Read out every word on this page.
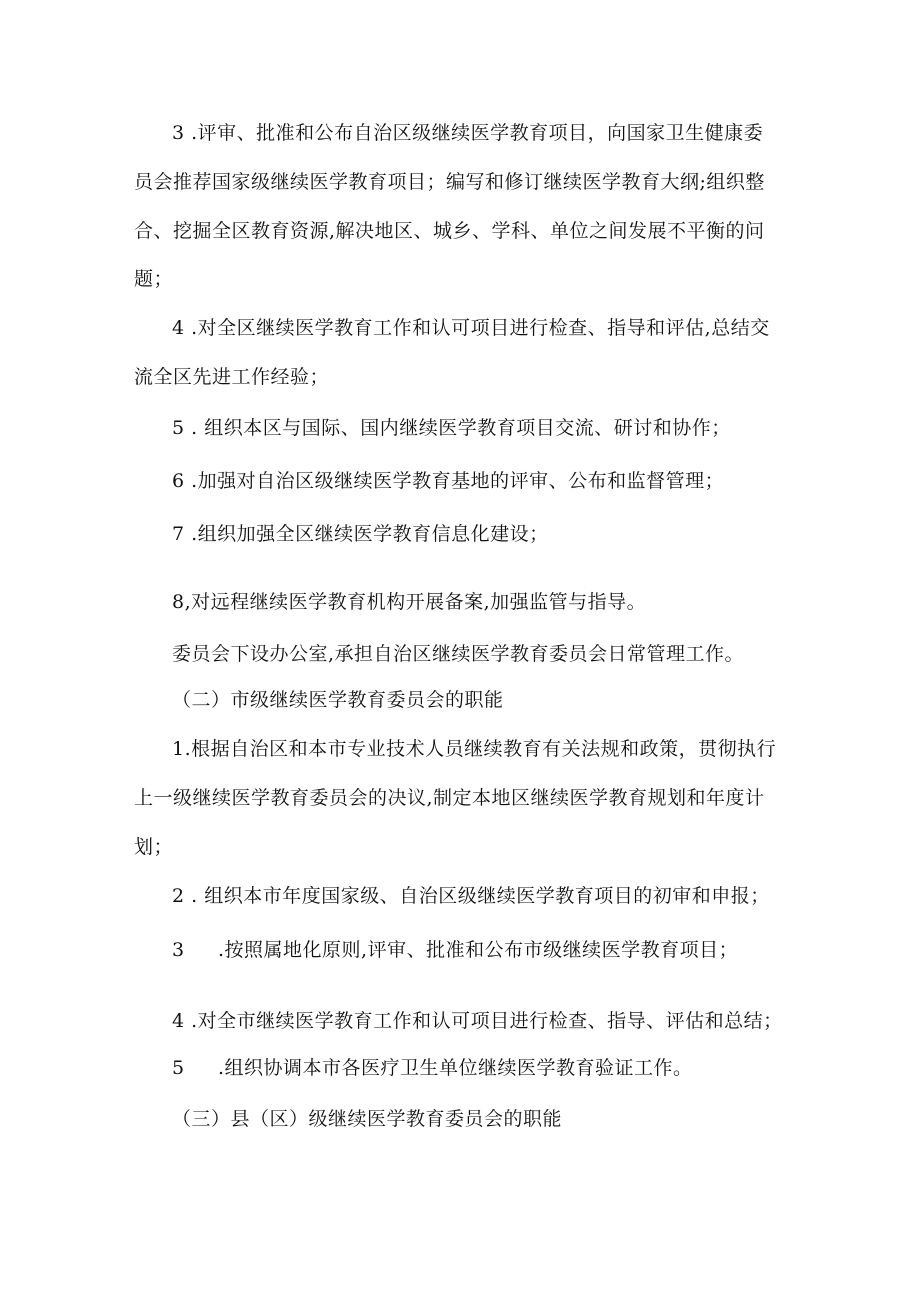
3 .评审、批准和公布自治区级继续医学教育项目，向国家卫生健康委
员会推荐国家级继续医学教育项目；编写和修订继续医学教育大纲;组织整
合、挖掘全区教育资源,解决地区、城乡、学科、单位之间发展不平衡的问
题；
4 .对全区继续医学教育工作和认可项目进行检查、指导和评估,总结交
流全区先进工作经验；
5 . 组织本区与国际、国内继续医学教育项目交流、研讨和协作；
6 .加强对自治区级继续医学教育基地的评审、公布和监督管理；
7 .组织加强全区继续医学教育信息化建设；
8,对远程继续医学教育机构开展备案,加强监管与指导。
委员会下设办公室,承担自治区继续医学教育委员会日常管理工作。
（二）市级继续医学教育委员会的职能
1.根据自治区和本市专业技术人员继续教育有关法规和政策，贯彻执行
上一级继续医学教育委员会的决议,制定本地区继续医学教育规划和年度计
划；
2 . 组织本市年度国家级、自治区级继续医学教育项目的初审和申报；
3 .按照属地化原则,评审、批准和公布市级继续医学教育项目；
4 .对全市继续医学教育工作和认可项目进行检查、指导、评估和总结；
5 .组织协调本市各医疗卫生单位继续医学教育验证工作。
（三）县（区）级继续医学教育委员会的职能
